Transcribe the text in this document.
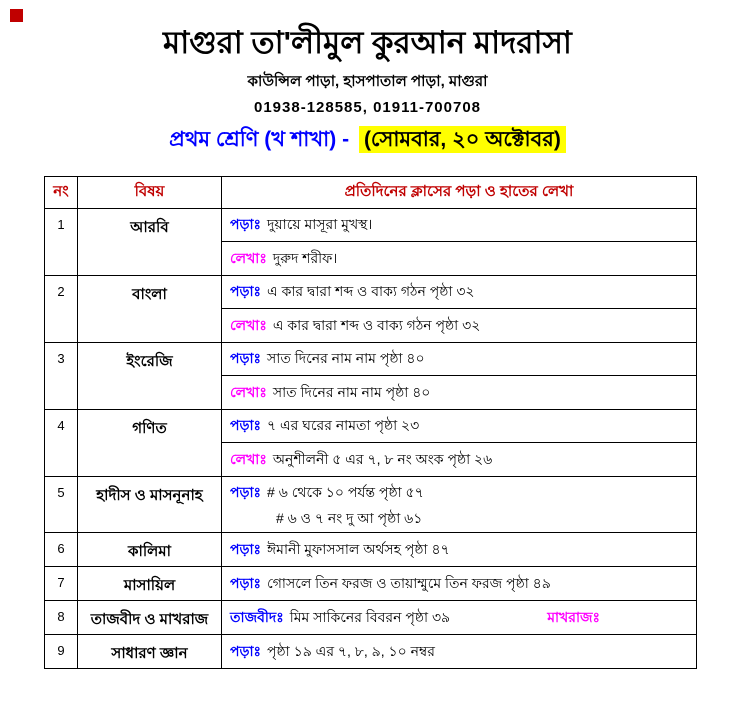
মাগুরা তা'লীমুল কুরআন মাদরাসা
কাউন্সিল পাড়া, হাসপাতাল পাড়া, মাগুরা
01938-128585, 01911-700708
প্রথম শ্রেণি (খ শাখা) - (সোমবার, ২০ অক্টোবর)
নং	বিষয়	প্রতিদিনের ক্লাসের পড়া ও হাতের লেখা
1	আরবি	পড়াঃ দুয়ায়ে মাসূরা মুখস্থ।
লেখাঃ দুরুদ শরীফ।
2	বাংলা	পড়াঃ এ কার দ্বারা শব্দ ও বাক্য গঠন পৃষ্ঠা ৩২
লেখাঃ এ কার দ্বারা শব্দ ও বাক্য গঠন পৃষ্ঠা ৩২
3	ইংরেজি	পড়াঃ সাত দিনের নাম নাম পৃষ্ঠা ৪০
লেখাঃ সাত দিনের নাম নাম পৃষ্ঠা ৪০
4	গণিত	পড়াঃ ৭ এর ঘরের নামতা পৃষ্ঠা ২৩
লেখাঃ অনুশীলনী ৫ এর ৭, ৮ নং অংক পৃষ্ঠা ২৬
5	হাদীস ও মাসনূনাহ	পড়াঃ # ৬ থেকে ১০ পর্যন্ত পৃষ্ঠা ৫৭
# ৬ ও ৭ নং দু আ পৃষ্ঠা ৬১
6	কালিমা	পড়াঃ ঈমানী মুফাসসাল অর্থসহ পৃষ্ঠা ৪৭
7	মাসায়িল	পড়াঃ গোসলে তিন ফরজ ও তায়াম্মুমে তিন ফরজ পৃষ্ঠা ৪৯
8	তাজবীদ ও মাখরাজ	তাজবীদঃ মিম সাকিনের বিবরন পৃষ্ঠা ৩৯	মাখরাজঃ
9	সাধারণ জ্ঞান	পড়াঃ পৃষ্ঠা ১৯ এর ৭, ৮, ৯, ১০ নম্বর
